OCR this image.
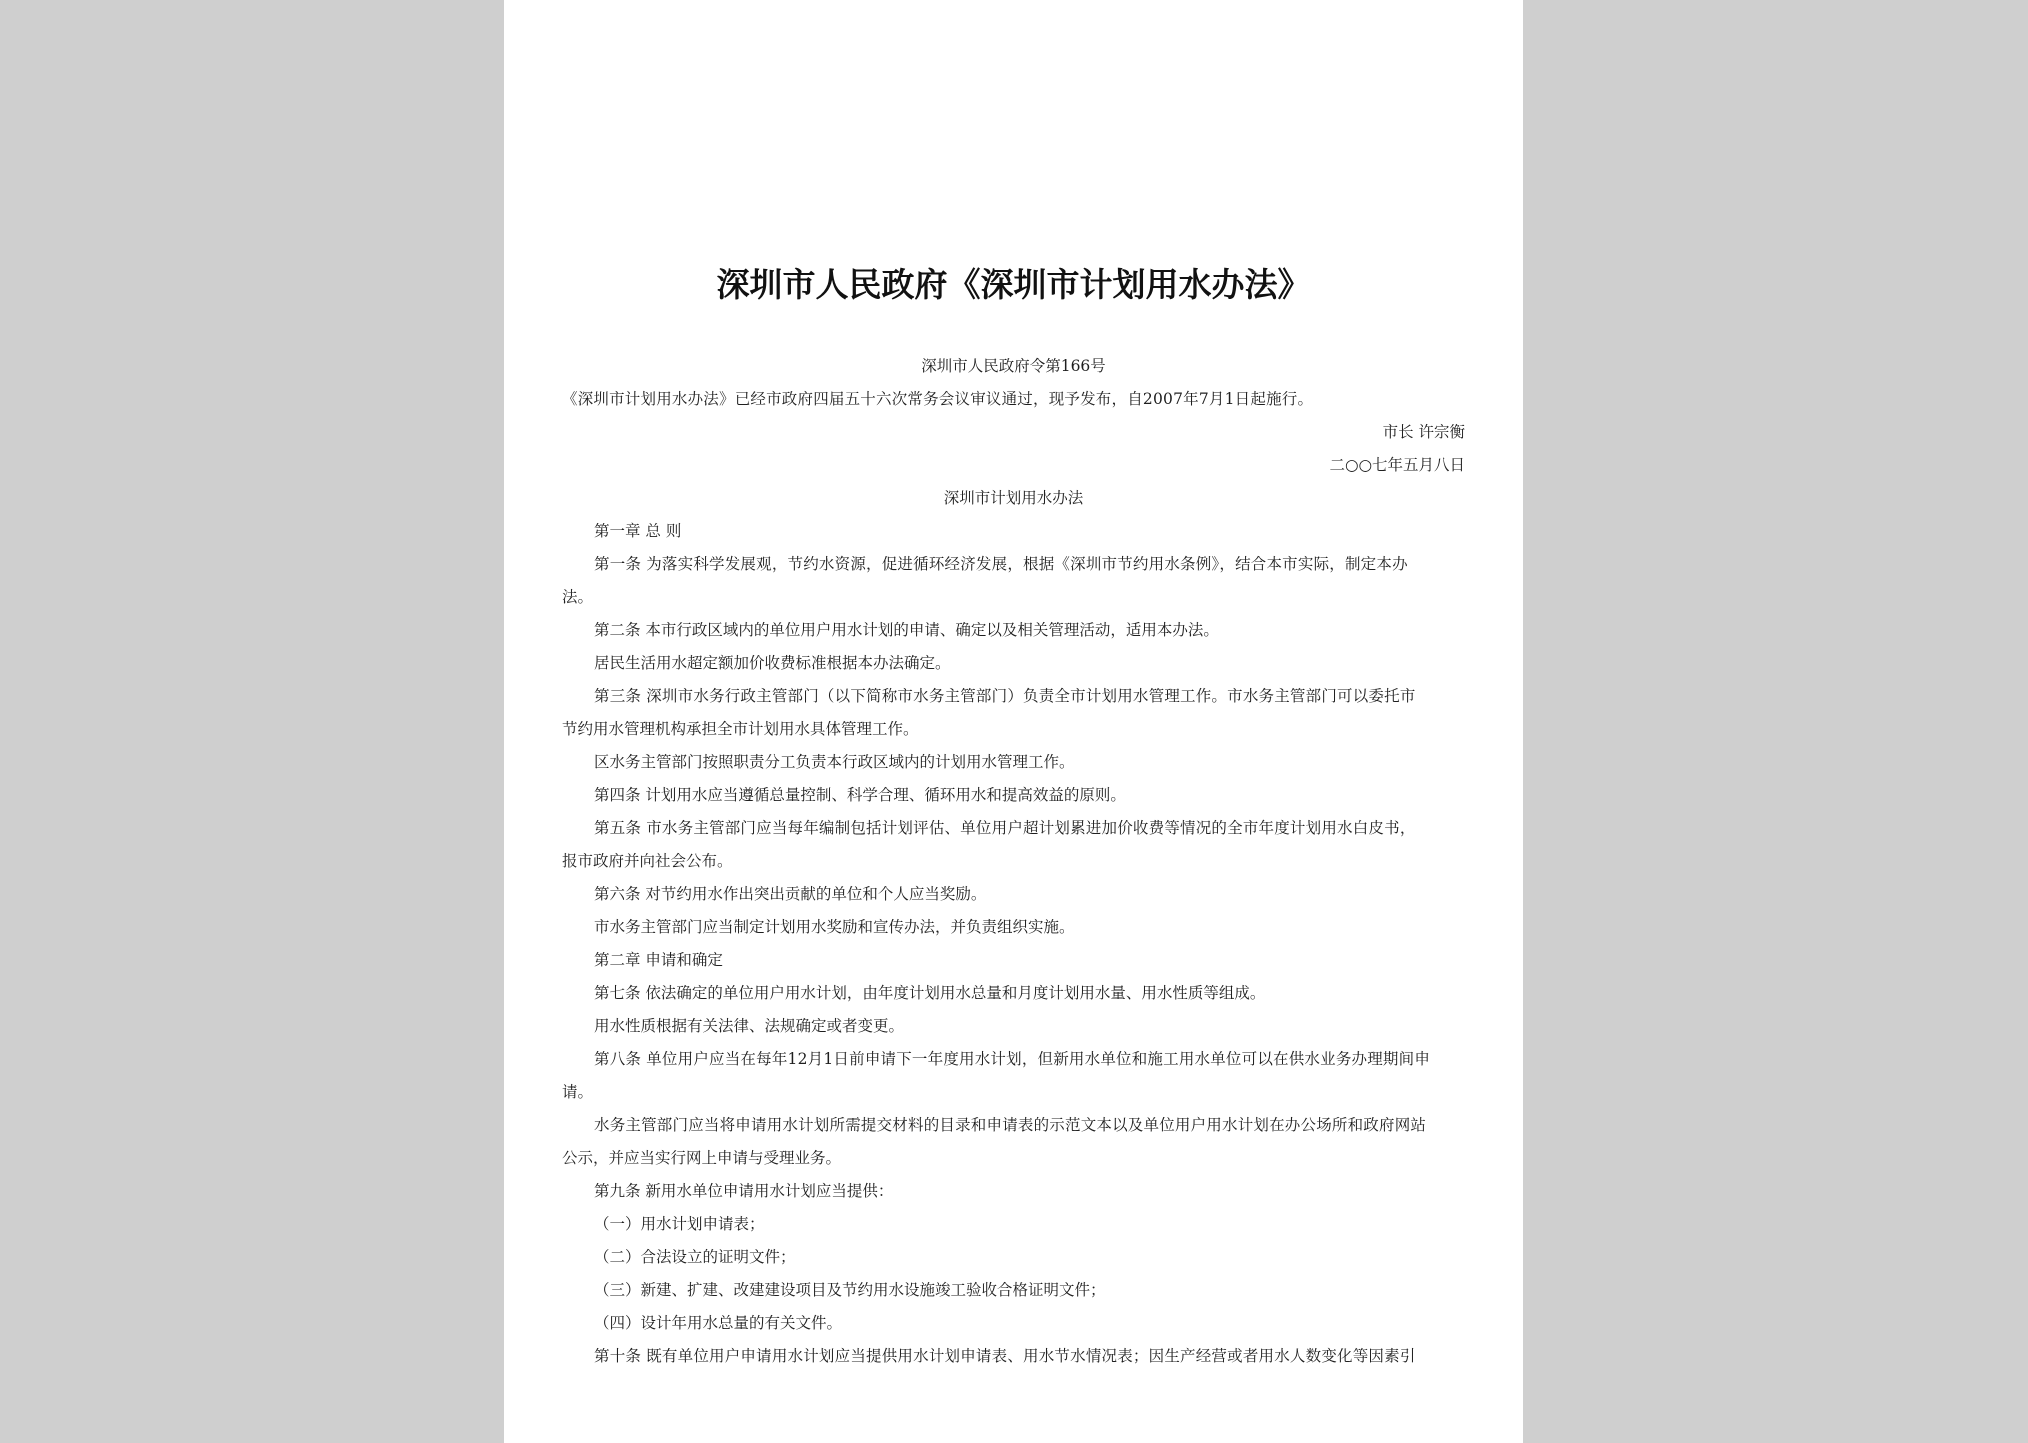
深圳市人民政府《深圳市计划用水办法》
深圳市人民政府令第166号
《深圳市计划用水办法》已经市政府四届五十六次常务会议审议通过，现予发布，自2007年7月1日起施行。
市长 许宗衡
二○○七年五月八日
深圳市计划用水办法
第一章 总 则
第一条 为落实科学发展观，节约水资源，促进循环经济发展，根据《深圳市节约用水条例》，结合本市实际，制定本办
法。
第二条 本市行政区域内的单位用户用水计划的申请、确定以及相关管理活动，适用本办法。
居民生活用水超定额加价收费标准根据本办法确定。
第三条 深圳市水务行政主管部门（以下简称市水务主管部门）负责全市计划用水管理工作。市水务主管部门可以委托市
节约用水管理机构承担全市计划用水具体管理工作。
区水务主管部门按照职责分工负责本行政区域内的计划用水管理工作。
第四条 计划用水应当遵循总量控制、科学合理、循环用水和提高效益的原则。
第五条 市水务主管部门应当每年编制包括计划评估、单位用户超计划累进加价收费等情况的全市年度计划用水白皮书，
报市政府并向社会公布。
第六条 对节约用水作出突出贡献的单位和个人应当奖励。
市水务主管部门应当制定计划用水奖励和宣传办法，并负责组织实施。
第二章 申请和确定
第七条 依法确定的单位用户用水计划，由年度计划用水总量和月度计划用水量、用水性质等组成。
用水性质根据有关法律、法规确定或者变更。
第八条 单位用户应当在每年12月1日前申请下一年度用水计划，但新用水单位和施工用水单位可以在供水业务办理期间申
请。
水务主管部门应当将申请用水计划所需提交材料的目录和申请表的示范文本以及单位用户用水计划在办公场所和政府网站
公示，并应当实行网上申请与受理业务。
第九条 新用水单位申请用水计划应当提供：
（一）用水计划申请表；
（二）合法设立的证明文件；
（三）新建、扩建、改建建设项目及节约用水设施竣工验收合格证明文件；
（四）设计年用水总量的有关文件。
第十条 既有单位用户申请用水计划应当提供用水计划申请表、用水节水情况表；因生产经营或者用水人数变化等因素引
